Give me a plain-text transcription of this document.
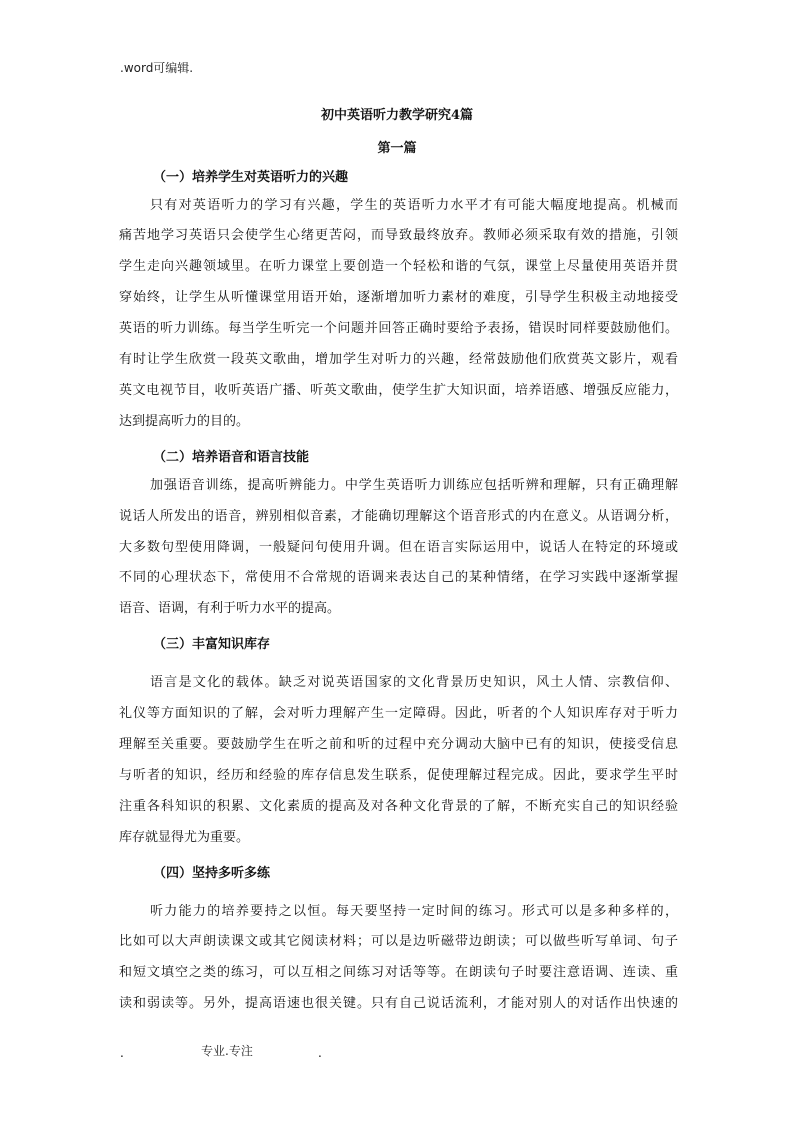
.word可编辑.
初中英语听力教学研究4篇
第一篇
（一）培养学生对英语听力的兴趣
只有对英语听力的学习有兴趣，学生的英语听力水平才有可能大幅度地提高。机械而
痛苦地学习英语只会使学生心绪更苦闷，而导致最终放弃。教师必须采取有效的措施，引领
学生走向兴趣领域里。在听力课堂上要创造一个轻松和谐的气氛，课堂上尽量使用英语并贯
穿始终，让学生从听懂课堂用语开始，逐渐增加听力素材的难度，引导学生积极主动地接受
英语的听力训练。每当学生听完一个问题并回答正确时要给予表扬，错误时同样要鼓励他们。
有时让学生欣赏一段英文歌曲，增加学生对听力的兴趣，经常鼓励他们欣赏英文影片，观看
英文电视节目，收听英语广播、听英文歌曲，使学生扩大知识面，培养语感、增强反应能力，
达到提高听力的目的。
（二）培养语音和语言技能
加强语音训练，提高听辨能力。中学生英语听力训练应包括听辨和理解，只有正确理解
说话人所发出的语音，辨别相似音素，才能确切理解这个语音形式的内在意义。从语调分析，
大多数句型使用降调，一般疑问句使用升调。但在语言实际运用中，说话人在特定的环境或
不同的心理状态下，常使用不合常规的语调来表达自己的某种情绪，在学习实践中逐渐掌握
语音、语调，有利于听力水平的提高。
（三）丰富知识库存
语言是文化的载体。缺乏对说英语国家的文化背景历史知识，风土人情、宗教信仰、
礼仪等方面知识的了解，会对听力理解产生一定障碍。因此，听者的个人知识库存对于听力
理解至关重要。要鼓励学生在听之前和听的过程中充分调动大脑中已有的知识，使接受信息
与听者的知识，经历和经验的库存信息发生联系，促使理解过程完成。因此，要求学生平时
注重各科知识的积累、文化素质的提高及对各种文化背景的了解，不断充实自己的知识经验
库存就显得尤为重要。
（四）坚持多听多练
听力能力的培养要持之以恒。每天要坚持一定时间的练习。形式可以是多种多样的，
比如可以大声朗读课文或其它阅读材料；可以是边听磁带边朗读；可以做些听写单词、句子
和短文填空之类的练习，可以互相之间练习对话等等。在朗读句子时要注意语调、连读、重
读和弱读等。另外，提高语速也很关键。只有自己说话流利，才能对别人的对话作出快速的
.	专业.专注	.
